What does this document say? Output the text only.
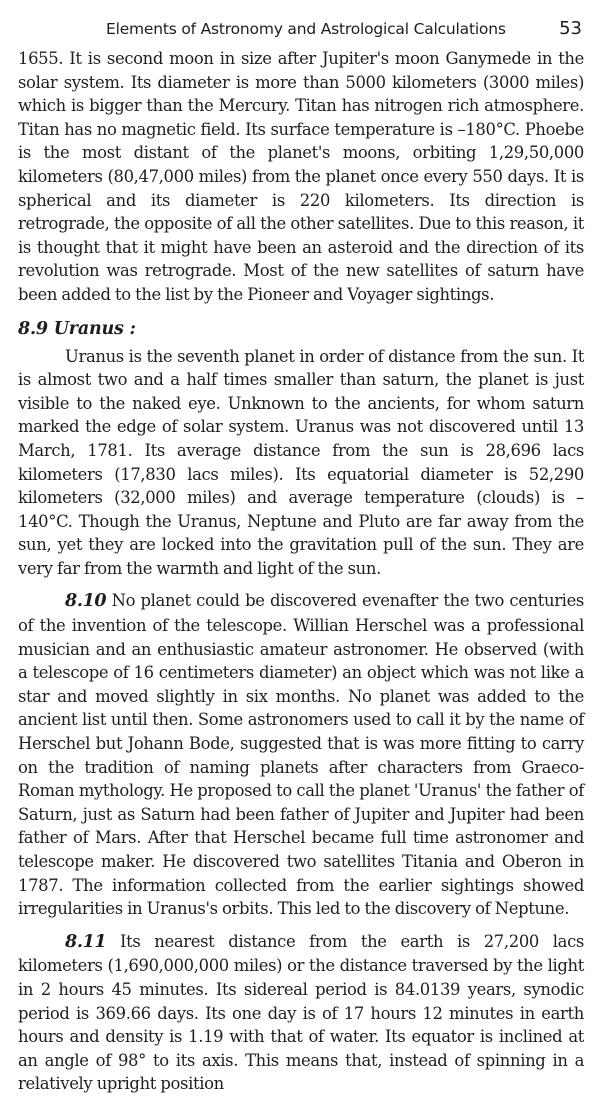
Elements of Astronomy and Astrological Calculations	53

1655. It is second moon in size after Jupiter's moon Ganymede in the solar system. Its diameter is more than 5000 kilometers (3000 miles) which is bigger than the Mercury. Titan has nitrogen rich atmosphere. Titan has no magnetic field. Its surface temperature is –180°C. Phoebe is the most distant of the planet's moons, orbiting 1,29,50,000 kilometers (80,47,000 miles) from the planet once every 550 days. It is spherical and its diameter is 220 kilometers. Its direction is retrograde, the opposite of all the other satellites. Due to this reason, it is thought that it might have been an asteroid and the direction of its revolution was retrograde. Most of the new satellites of saturn have been added to the list by the Pioneer and Voyager sightings.

8.9 Uranus :

Uranus is the seventh planet in order of distance from the sun. It is almost two and a half times smaller than saturn, the planet is just visible to the naked eye. Unknown to the ancients, for whom saturn marked the edge of solar system. Uranus was not discovered until 13 March, 1781. Its average distance from the sun is 28,696 lacs kilometers (17,830 lacs miles). Its equatorial diameter is 52,290 kilometers (32,000 miles) and average temperature (clouds) is – 140°C. Though the Uranus, Neptune and Pluto are far away from the sun, yet they are locked into the gravitation pull of the sun. They are very far from the warmth and light of the sun.

8.10 No planet could be discovered evenafter the two centuries of the invention of the telescope. Willian Herschel was a professional musician and an enthusiastic amateur astronomer. He observed (with a telescope of 16 centimeters diameter) an object which was not like a star and moved slightly in six months. No planet was added to the ancient list until then. Some astronomers used to call it by the name of Herschel but Johann Bode, suggested that is was more fitting to carry on the tradition of naming planets after characters from Graeco-Roman mythology. He proposed to call the planet 'Uranus' the father of Saturn, just as Saturn had been father of Jupiter and Jupiter had been father of Mars. After that Herschel became full time astronomer and telescope maker. He discovered two satellites Titania and Oberon in 1787. The information collected from the earlier sightings showed irregularities in Uranus's orbits. This led to the discovery of Neptune.

8.11 Its nearest distance from the earth is 27,200 lacs kilometers (1,690,000,000 miles) or the distance traversed by the light in 2 hours 45 minutes. Its sidereal period is 84.0139 years, synodic period is 369.66 days. Its one day is of 17 hours 12 minutes in earth hours and density is 1.19 with that of water. Its equator is inclined at an angle of 98° to its axis. This means that, instead of spinning in a relatively upright position
